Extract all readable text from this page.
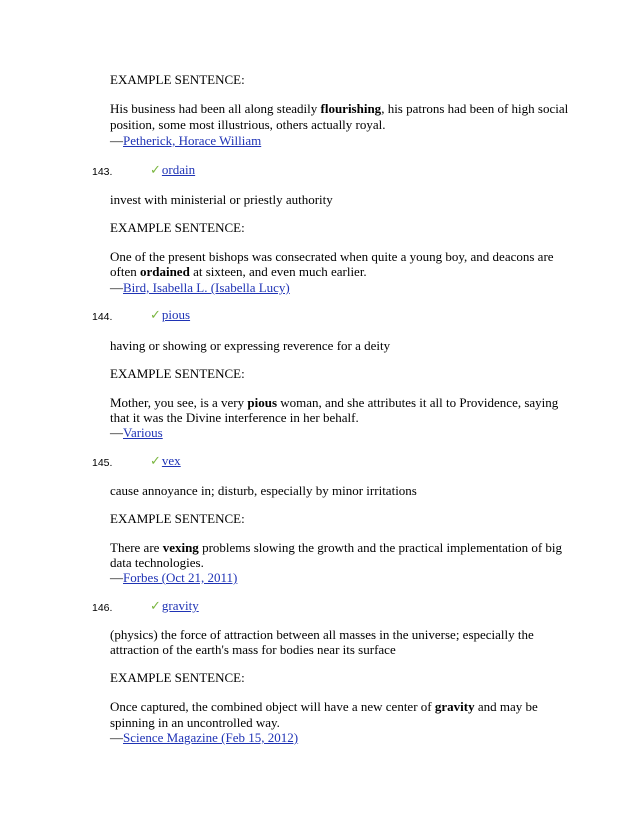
EXAMPLE SENTENCE:
His business had been all along steadily flourishing, his patrons had been of high social
position, some most illustrious, others actually royal.
—Petherick, Horace William
143.	✓ordain
invest with ministerial or priestly authority
EXAMPLE SENTENCE:
One of the present bishops was consecrated when quite a young boy, and deacons are
often ordained at sixteen, and even much earlier.
—Bird, Isabella L. (Isabella Lucy)
144.	✓pious
having or showing or expressing reverence for a deity
EXAMPLE SENTENCE:
Mother, you see, is a very pious woman, and she attributes it all to Providence, saying
that it was the Divine interference in her behalf.
—Various
145.	✓vex
cause annoyance in; disturb, especially by minor irritations
EXAMPLE SENTENCE:
There are vexing problems slowing the growth and the practical implementation of big
data technologies.
—Forbes (Oct 21, 2011)
146.	✓gravity
(physics) the force of attraction between all masses in the universe; especially the
attraction of the earth's mass for bodies near its surface
EXAMPLE SENTENCE:
Once captured, the combined object will have a new center of gravity and may be
spinning in an uncontrolled way.
—Science Magazine (Feb 15, 2012)
